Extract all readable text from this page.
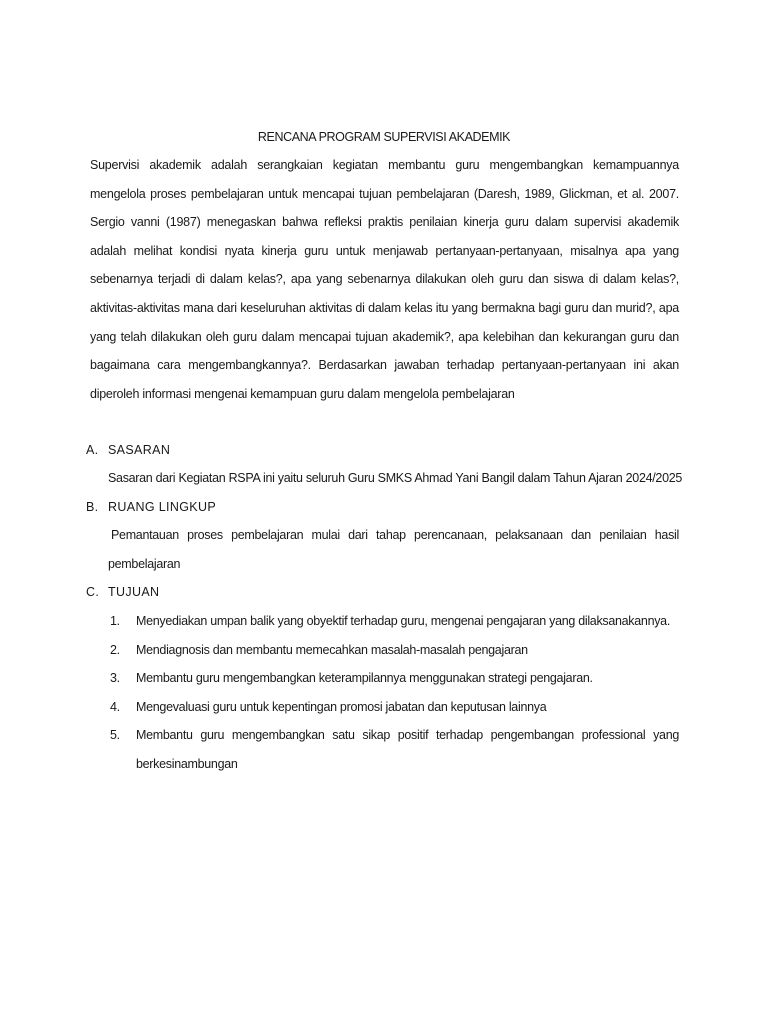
RENCANA PROGRAM SUPERVISI AKADEMIK

Supervisi akademik adalah serangkaian kegiatan membantu guru mengembangkan kemampuannya mengelola proses pembelajaran untuk mencapai tujuan pembelajaran (Daresh, 1989, Glickman, et al. 2007. Sergio vanni (1987) menegaskan bahwa refleksi praktis penilaian kinerja guru dalam supervisi akademik adalah melihat kondisi nyata kinerja guru untuk menjawab pertanyaan-pertanyaan, misalnya apa yang sebenarnya terjadi di dalam kelas?, apa yang sebenarnya dilakukan oleh guru dan siswa di dalam kelas?, aktivitas-aktivitas mana dari keseluruhan aktivitas di dalam kelas itu yang bermakna bagi guru dan murid?, apa yang telah dilakukan oleh guru dalam mencapai tujuan akademik?, apa kelebihan dan kekurangan guru dan bagaimana cara mengembangkannya?. Berdasarkan jawaban terhadap pertanyaan-pertanyaan ini akan diperoleh informasi mengenai kemampuan guru dalam mengelola pembelajaran

A. SASARAN

Sasaran dari Kegiatan RSPA ini yaitu seluruh Guru SMKS Ahmad Yani Bangil dalam Tahun Ajaran 2024/2025

B. RUANG LINGKUP

Pemantauan proses pembelajaran mulai dari tahap perencanaan, pelaksanaan dan penilaian hasil pembelajaran

C. TUJUAN
1.	Menyediakan umpan balik yang obyektif terhadap guru, mengenai pengajaran yang dilaksanakannya.
2.	Mendiagnosis dan membantu memecahkan masalah-masalah pengajaran
3.	Membantu guru mengembangkan keterampilannya menggunakan strategi pengajaran.
4.	Mengevaluasi guru untuk kepentingan promosi jabatan dan keputusan lainnya
5.	Membantu guru mengembangkan satu sikap positif terhadap pengembangan professional yang berkesinambungan
